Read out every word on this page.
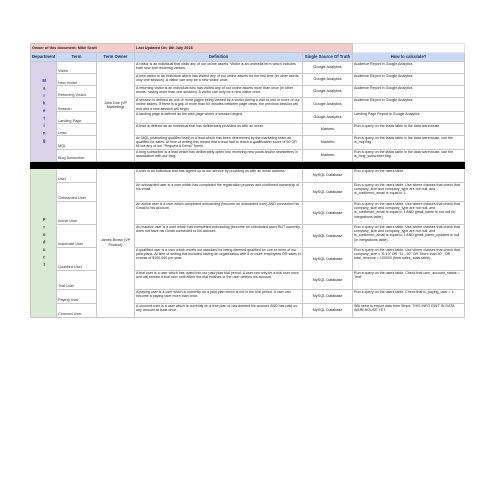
Owner of this document: Mike Scott			Last Updated On: 8th July 2018		
Department	Term	Term Owner	Definition	Single Source Of Truth	How to calculate?

Marketing	Visitor	John Doe (VP Marketing)	A visitor is an individual that visits any of our online assets. Visitor is an umbrella term which includes both new and returning visitors.	Google Analytics	Audience Report in Google Analytics
	New Visitor		A new visitor is an individual which has visited any of our online assets for the first time (in other words, only one session). A visitor can only be a new visitor once.	Google Analytics	Audience Report in Google Analytics
	Returning Visitor		A returning visitor is an individual who has visited any of our online assets more than once (in other words, having more than one session). A visitor can only be a new visitor once.	Google Analytics	Audience Report in Google Analytics
	Session		A session is defined as one or more pages being viewed by a visitor during a visit to one or more of our online assets. If there is a gap of more than 60 minutes between page views, the previous session will end and a new session will begin.	Google Analytics	Audience Report in Google Analytics
	Landing Page		A landing page is defined as the web page where a session begins.	Google Analytics	Landing Page Report in Google Analytics
	Lead		A lead is defined as an individual that has deliberately provided us with an email.	Marketo	Run a query on the leads table in the data warehouse
	MQL		An MQL (marketing qualified lead) is a lead which has been determined by the marketing team as qualified for sales. At time of writing this meant that a lead had to reach a qualification score of 50 OR fill out any of our "Request A Demo" forms.	Marketo	Run a query on the leads table in the data warehouse, use the is_mql flag
	Blog Subscriber		A blog subscriber is a lead which has deliberately opted into receiving new posts and/or newsletters in association with our blog.	Marketo	Run a query on the leads table in the data warehouse, use the is_blog_subscriber flag

Product	User	James Brown (VP Product)	A user is an individual that has signed up to our service by providing us with an email address.	MySQL Database	Run a query on the users table
	Onboarded User		An onboarded user is a user which has completed the registration process and confirmed ownership of his email.	MySQL Database	Run a query on the users table. Use where clauses that check that company_size and company_type are not null, and is_confirmed_email is equal to 1.
	Active User		An active user is a user which completed onboarding (become an onboarded user) AND connected his Gmail to his account.	MySQL Database	Run a query on the users table. Use where clauses that check that company_size and company_type are not null, and is_confirmed_email is equal to 1 AND gmail_token is not null (in integrations table).
	Inactivate User		An inactive user is a user which has completed onboarding (become an onboarded user) BUT currently does not have his Gmail connected to his account.	MySQL Database	Run a query on the users table. Use where clauses that check that company_size and company_type are not null, and is_confirmed_email is equal to 1 AND gmail_token_updated is null (in integrations table).
	Qualified User		A qualified user is a user which meets our standard for being deemed qualified for one or more of our paid plans. At time of writing this included having an organization with 5 or more employees OR sales in excess of $100,000 per year.	MySQL Database	Run a query on the users table. Use where clauses that check that company_size = "6-10" OR "11 - 50" OR "More than 50", OR total_revenue > 100000 (from sales_stats table).
	Trial User		A trial user is a user which has opted into our paid plan trial period. A user can only be a trial user once and will remain a trial user until either the trial finishes or the user deletes his account.	MySQL Database	Run a query on the users table. Check that user_account_status = "trial"
	Paying User		A paying user is a user which is currently on a paid plan which is not in the trial period. A user can become a paying user more than once.	MySQL Database	Run a query on the users table. Check that is_paying_user = 1.
	Churned User		A churned user is a user which is currently on a free plan or has deleted his account AND has paid us any amount at least once.	MySQL Database	Will need to export data from Stripe. THIS INFO ISN'T IN DATA WAREHOUSE YET.
